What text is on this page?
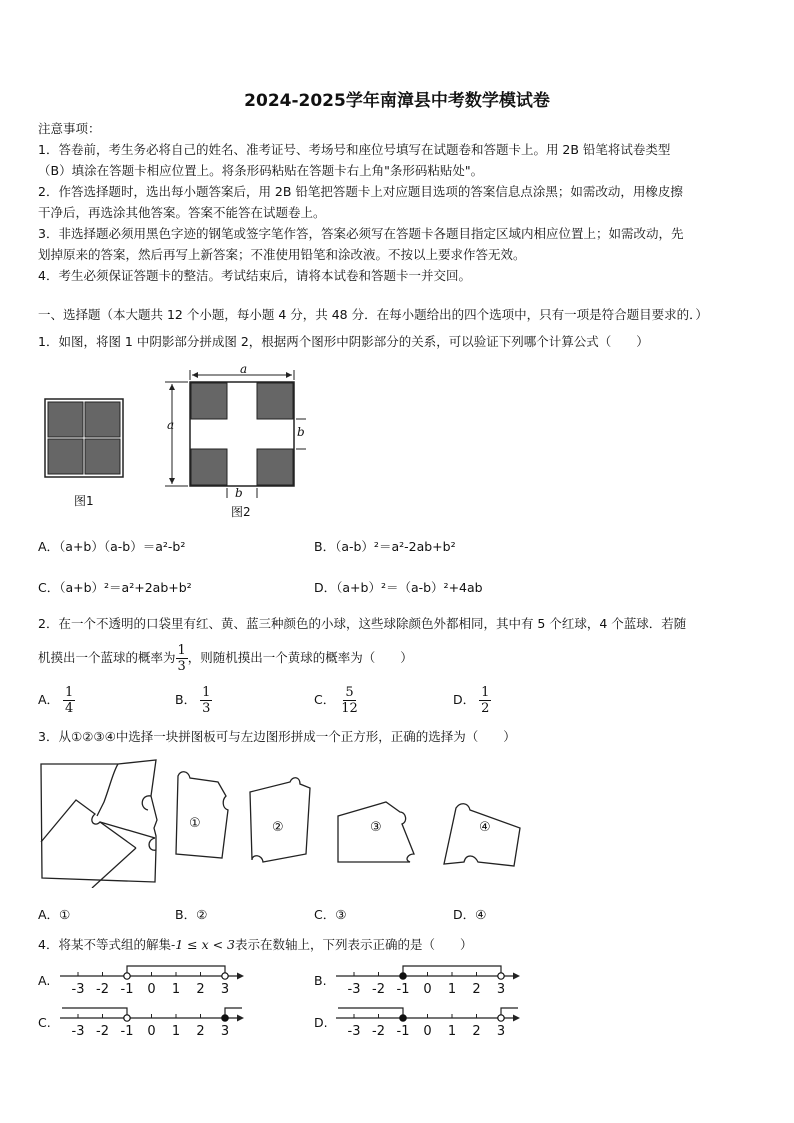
2024-2025学年南漳县中考数学模试卷
注意事项：
1．答卷前，考生务必将自己的姓名、准考证号、考场号和座位号填写在试题卷和答题卡上。用 2B 铅笔将试卷类型
（B）填涂在答题卡相应位置上。将条形码粘贴在答题卡右上角"条形码粘贴处"。
2．作答选择题时，选出每小题答案后，用 2B 铅笔把答题卡上对应题目选项的答案信息点涂黑；如需改动，用橡皮擦
干净后，再选涂其他答案。答案不能答在试题卷上。
3．非选择题必须用黑色字迹的钢笔或签字笔作答，答案必须写在答题卡各题目指定区域内相应位置上；如需改动，先
划掉原来的答案，然后再写上新答案；不准使用铅笔和涂改液。不按以上要求作答无效。
4．考生必须保证答题卡的整洁。考试结束后，请将本试卷和答题卡一并交回。
一、选择题（本大题共 12 个小题，每小题 4 分，共 48 分．在每小题给出的四个选项中，只有一项是符合题目要求的．）
1．如图，将图 1 中阴影部分拼成图 2，根据两个图形中阴影部分的关系，可以验证下列哪个计算公式（　　）
a
a	b
b
图1
图2
A．（a+b）（a-b）＝a²-b²	B．（a-b）²＝a²-2ab+b²
C．（a+b）²＝a²+2ab+b²	D．（a+b）²＝（a-b）²+4ab
2．在一个不透明的口袋里有红、黄、蓝三种颜色的小球，这些球除颜色外都相同，其中有 5 个红球，4 个蓝球．若随
机摸出一个蓝球的概率为 $\frac{1}{3}$ ，则随机摸出一个黄球的概率为（　　）
A． $\frac{1}{4}$	B． $\frac{1}{3}$	C． $\frac{5}{12}$	D． $\frac{1}{2}$
3．从①②③④中选择一块拼图板可与左边图形拼成一个正方形，正确的选择为（　　）
①	②	③	④
A．①	B．②	C．③	D．④
4．将某不等式组的解集-1 ≤ x < 3表示在数轴上，下列表示正确的是（　　）
A.	B.
C.	D.
-3 -2 -1 0 1 2 3	-3 -2 -1 0 1 2 3
-3 -2 -1 0 1 2 3	-3 -2 -1 0 1 2 3
